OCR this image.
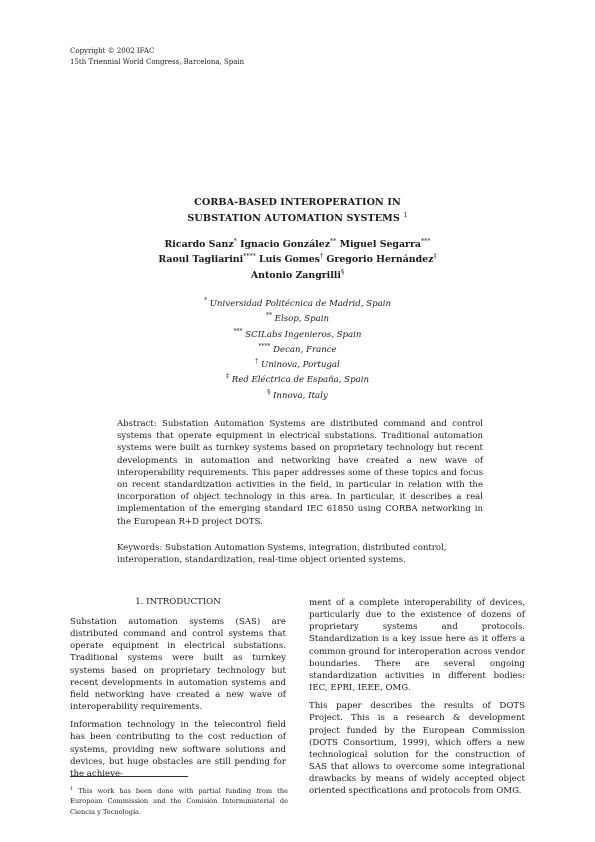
Copyright © 2002 IFAC
15th Triennial World Congress, Barcelona, Spain
CORBA-BASED INTEROPERATION IN
SUBSTATION AUTOMATION SYSTEMS $^1$
Ricardo Sanz* Ignacio González** Miguel Segarra***
Raoul Tagliarini**** Luis Gomes† Gregorio Hernández‡
Antonio Zangrilli§
* Universidad Politécnica de Madrid, Spain
** Elsop, Spain
*** SCILabs Ingenieros, Spain
**** Decan, France
† Uninova, Portugal
‡ Red Eléctrica de España, Spain
§ Innova, Italy
Abstract: Substation Automation Systems are distributed command and control systems that operate equipment in electrical substations. Traditional automation systems were built as turnkey systems based on proprietary technology but recent developments in automation and networking have created a new wave of interoperability requirements. This paper addresses some of these topics and focus on recent standardization activities in the field, in particular in relation with the incorporation of object technology in this area. In particular, it describes a real implementation of the emerging standard IEC 61850 using CORBA networking in the European R+D project DOTS.
Keywords: Substation Automation Systems, integration, distributed control, interoperation, standardization, real-time object oriented systems.
1. INTRODUCTION

Substation automation systems (SAS) are distributed command and control systems that operate equipment in electrical substations. Traditional systems were built as turnkey systems based on proprietary technology but recent developments in automation systems and field networking have created a new wave of interoperability requirements.

Information technology in the telecontrol field has been contributing to the cost reduction of systems, providing new software solutions and devices, but huge obstacles are still pending for the achieve-

ment of a complete interoperability of devices, particularly due to the existence of dozens of proprietary systems and protocols. Standardization is a key issue here as it offers a common ground for interoperation across vendor boundaries. There are several ongoing standardization activities in different bodies: IEC, EPRI, IEEE, OMG.

This paper describes the results of DOTS Project. This is a research & development project funded by the European Commission (DOTS Consortium, 1999), which offers a new technological solution for the construction of SAS that allows to overcome some integrational drawbacks by means of widely accepted object oriented specifications and protocols from OMG.

$^1$ This work has been done with partial funding from the European Commission and the Comisión Interministerial de Ciencia y Tecnología.
